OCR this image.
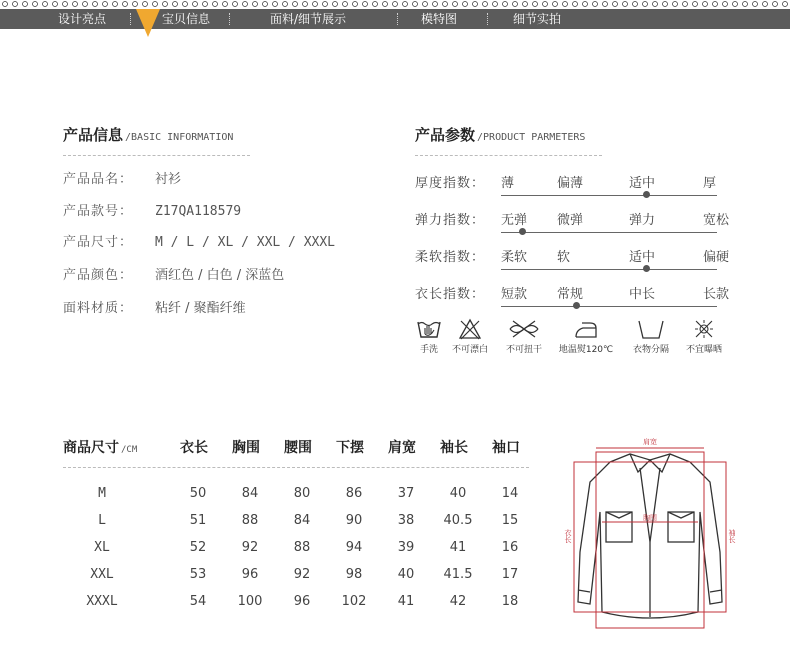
设计亮点	宝贝信息	面料/细节展示	模特图	细节实拍
产品信息 /BASIC INFORMATION
产品品名： 衬衫
产品款号： Z17QA118579
产品尺寸： M / L / XL / XXL / XXXL
产品颜色： 酒红色 / 白色 / 深蓝色
面料材质： 粘纤 / 聚酯纤维
产品参数 /PRODUCT PARMETERS
厚度指数： 薄	偏薄	适中	厚
弹力指数： 无弹 微弹	弹力	宽松
柔软指数： 柔软 软	适中	偏硬
衣长指数： 短款 常规	中长	长款
手洗	不可漂白	不可扭干	地温熨120℃	衣物分隔	不宜曝晒
商品尺寸 /CM	衣长 胸围 腰围 下摆 肩宽 袖长 袖口
M	50	84	80	86	37	40	14
L	51	88	84	90	38	40.5	15
XL	52	92	88	94	39	41	16
XXL	53	96	92	98	40	41.5	17
XXXL	54	100	96	102	41	42	18
肩宽
胸围
衣长	袖长
